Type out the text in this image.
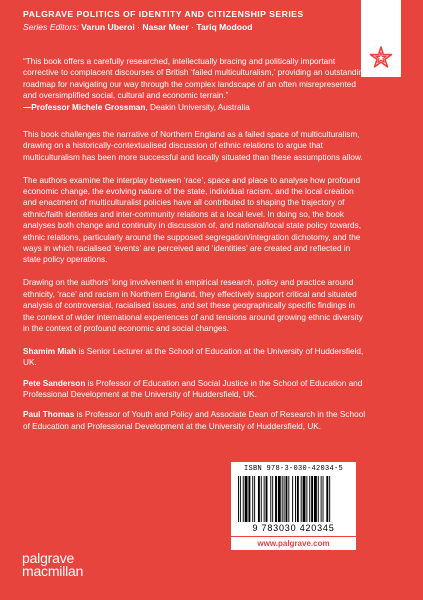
PALGRAVE POLITICS OF IDENTITY AND CITIZENSHIP SERIES
Series Editors: Varun Uberoi · Nasar Meer · Tariq Modood

“This book offers a carefully researched, intellectually bracing and politically important corrective to complacent discourses of British ‘failed multiculturalism,’ providing an outstanding roadmap for navigating our way through the complex landscape of an often misrepresented and oversimplified social, cultural and economic terrain.”
—Professor Michele Grossman, Deakin University, Australia

This book challenges the narrative of Northern England as a failed space of multiculturalism, drawing on a historically-contextualised discussion of ethnic relations to argue that multiculturalism has been more successful and locally situated than these assumptions allow.

The authors examine the interplay between ‘race’, space and place to analyse how profound economic change, the evolving nature of the state, individual racism, and the local creation and enactment of multiculturalist policies have all contributed to shaping the trajectory of ethnic/faith identities and inter-community relations at a local level. In doing so, the book analyses both change and continuity in discussion of, and national/local state policy towards, ethnic relations, particularly around the supposed segregation/integration dichotomy, and the ways in which racialised ‘events’ are perceived and ‘identities’ are created and reflected in state policy operations.

Drawing on the authors’ long involvement in empirical research, policy and practice around ethnicity, ‘race’ and racism in Northern England, they effectively support critical and situated analysis of controversial, racialised issues, and set these geographically specific findings in the context of wider international experiences of and tensions around growing ethnic diversity in the context of profound economic and social changes.

Shamim Miah is Senior Lecturer at the School of Education at the University of Huddersfield, UK.

Pete Sanderson is Professor of Education and Social Justice in the School of Education and Professional Development at the University of Huddersfield, UK.

Paul Thomas is Professor of Youth and Policy and Associate Dean of Research in the School of Education and Professional Development at the University of Huddersfield, UK.

ISBN 978-3-030-42034-5
9 783030 420345
www.palgrave.com
palgrave
macmillan
